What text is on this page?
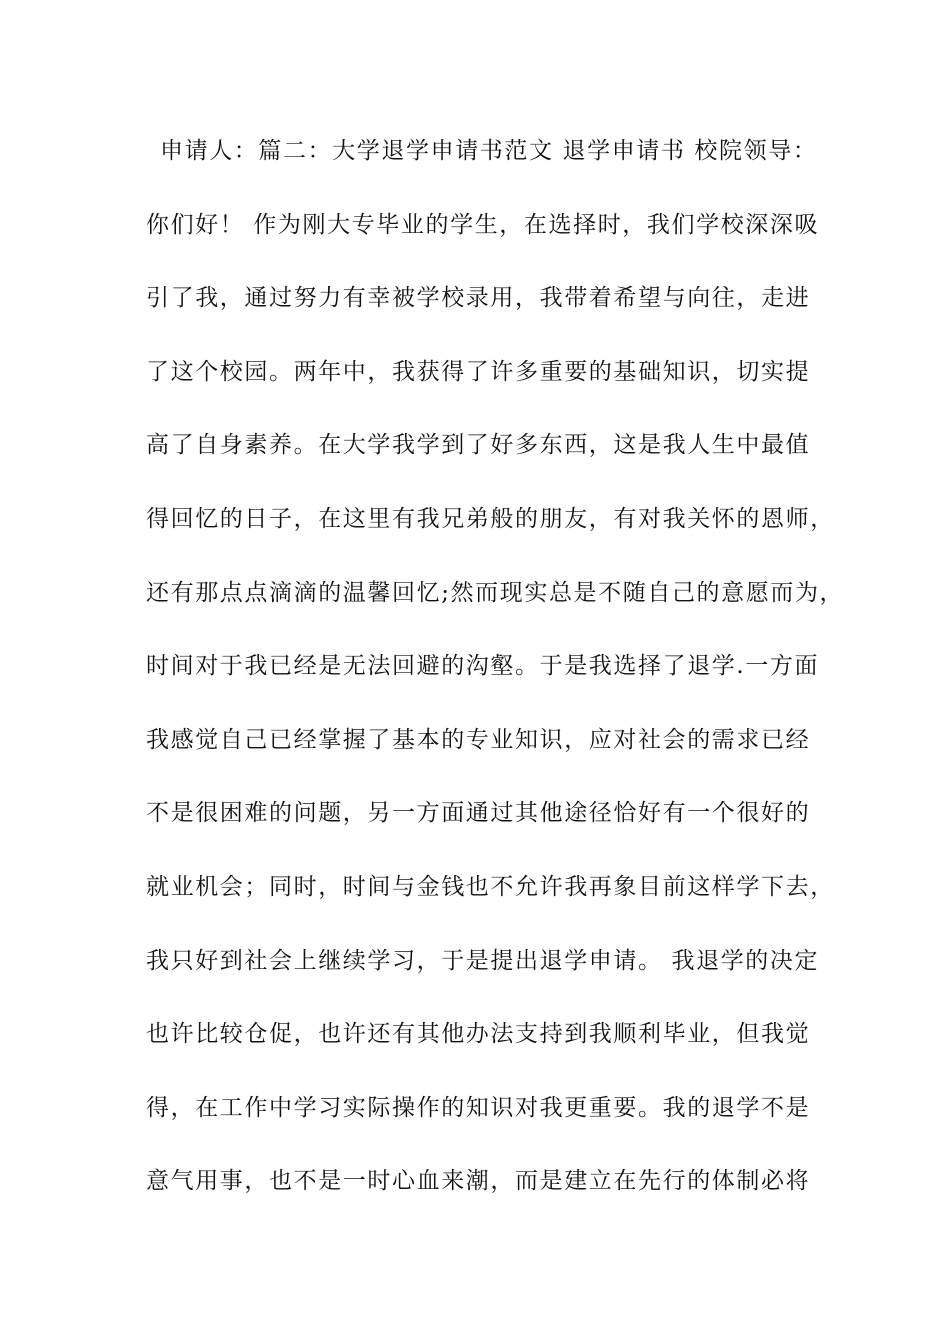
申请人：篇二：大学退学申请书范文 退学申请书 校院领导：
你们好！ 作为刚大专毕业的学生，在选择时，我们学校深深吸
引了我，通过努力有幸被学校录用，我带着希望与向往，走进
了这个校园。两年中，我获得了许多重要的基础知识，切实提
高了自身素养。在大学我学到了好多东西，这是我人生中最值
得回忆的日子，在这里有我兄弟般的朋友，有对我关怀的恩师，
还有那点点滴滴的温馨回忆;然而现实总是不随自己的意愿而为，
时间对于我已经是无法回避的沟壑。于是我选择了退学.一方面
我感觉自己已经掌握了基本的专业知识，应对社会的需求已经
不是很困难的问题，另一方面通过其他途径恰好有一个很好的
就业机会；同时，时间与金钱也不允许我再象目前这样学下去，
我只好到社会上继续学习，于是提出退学申请。 我退学的决定
也许比较仓促，也许还有其他办法支持到我顺利毕业，但我觉
得，在工作中学习实际操作的知识对我更重要。我的退学不是
意气用事，也不是一时心血来潮，而是建立在先行的体制必将
